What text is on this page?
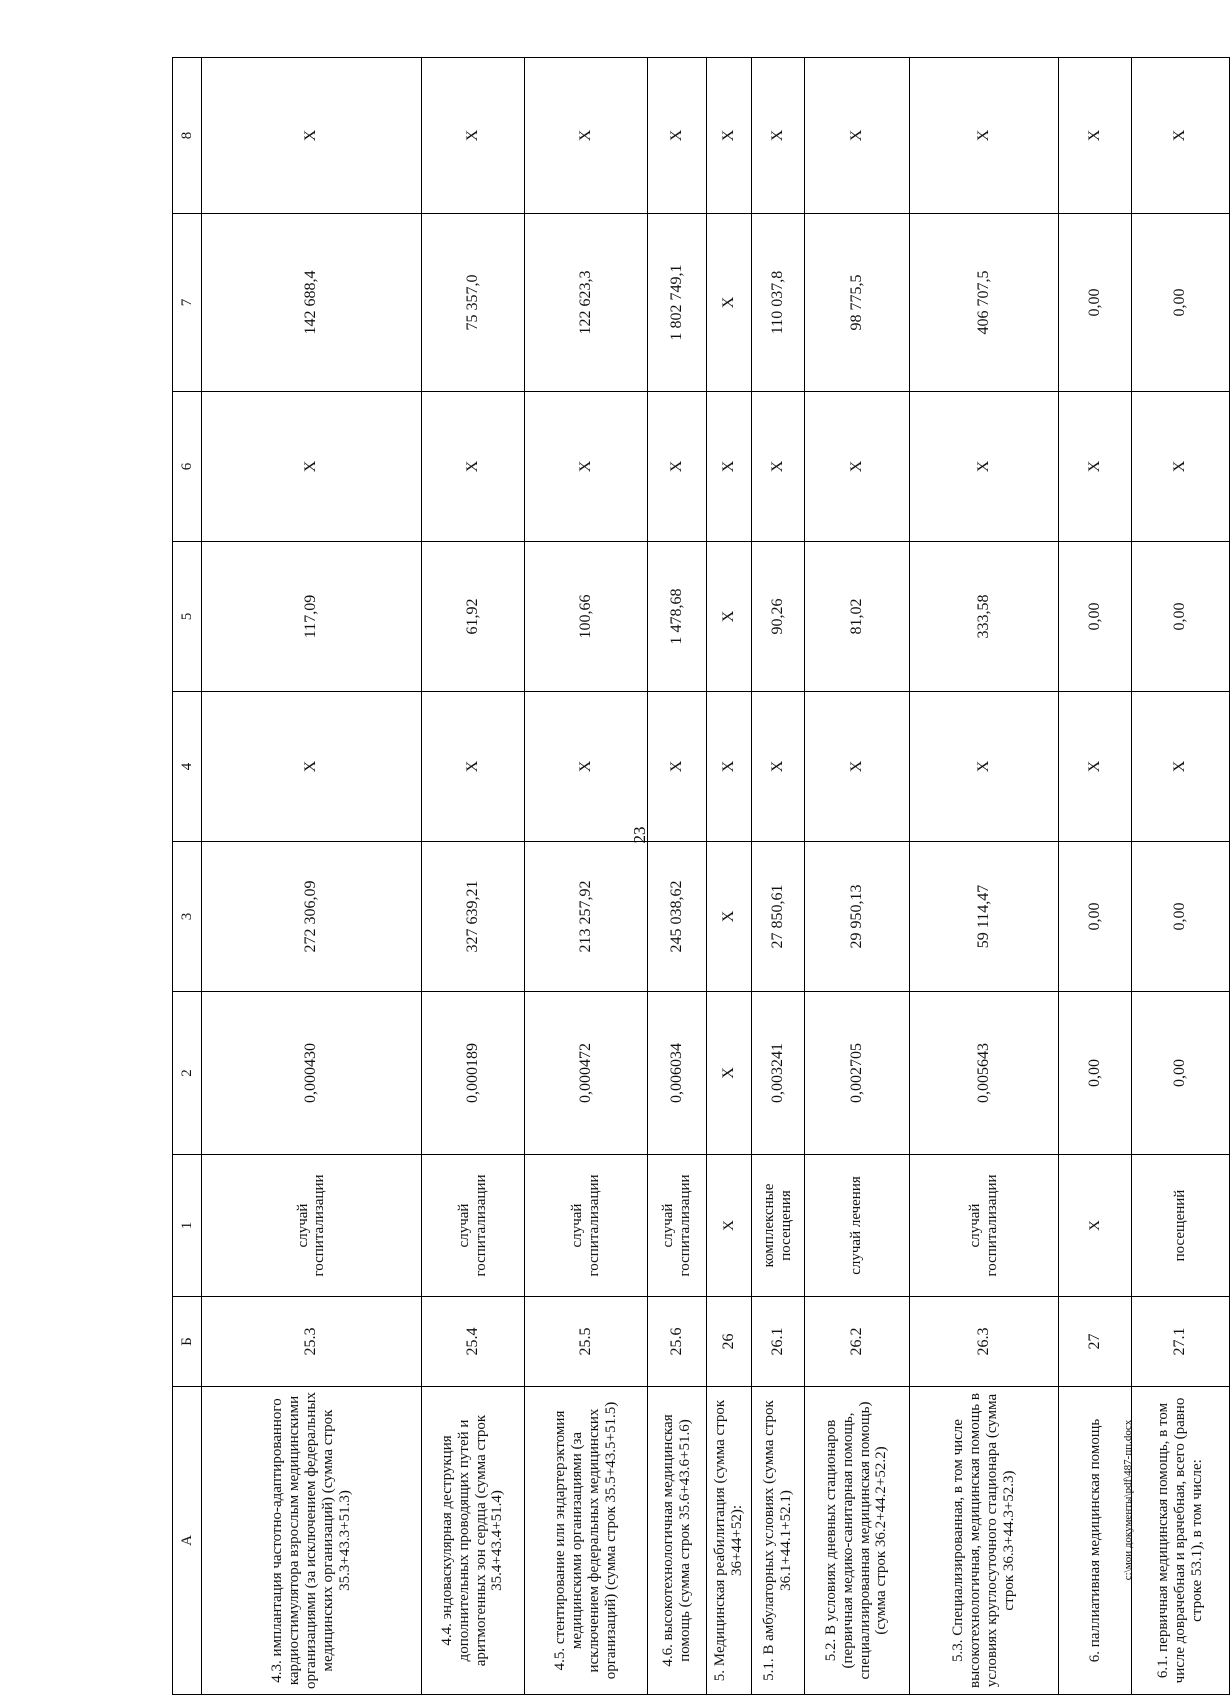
23
А	Б	1	2	3	4	5	6	7	8
4.3. имплантация частотно-адаптированного кардиостимулятора взрослым медицинскими организациями (за исключением федеральных медицинских организаций) (сумма строк 35.3+43.3+51.3)	25.3	случай госпитализации	0,000430	272 306,09	X	117,09	X	142 688,4	X
4.4. эндоваскулярная деструкция дополнительных проводящих путей и аритмогенных зон сердца (сумма строк 35.4+43.4+51.4)	25.4	случай госпитализации	0,000189	327 639,21	X	61,92	X	75 357,0	X
4.5. стентирование или эндартерэктомия медицинскими организациями (за исключением федеральных медицинских организаций) (сумма строк 35.5+43.5+51.5)	25.5	случай госпитализации	0,000472	213 257,92	X	100,66	X	122 623,3	X
4.6. высокотехнологичная медицинская помощь (сумма строк 35.6+43.6+51.6)	25.6	случай госпитализации	0,006034	245 038,62	X	1 478,68	X	1 802 749,1	X
5. Медицинская реабилитация (сумма строк 36+44+52):	26	X	X	X	X	X	X	X	X
5.1. В амбулаторных условиях (сумма строк 36.1+44.1+52.1)	26.1	комплексные посещения	0,003241	27 850,61	X	90,26	X	110 037,8	X
5.2. В условиях дневных стационаров (первичная медико-санитарная помощь, специализированная медицинская помощь) (сумма строк 36.2+44.2+52.2)	26.2	случай лечения	0,002705	29 950,13	X	81,02	X	98 775,5	X
5.3. Специализированная, в том числе высокотехнологичная, медицинская помощь в условиях круглосуточного стационара (сумма строк 36.3+44.3+52.3)	26.3	случай госпитализации	0,005643	59 114,47	X	333,58	X	406 707,5	X
6. паллиативная медицинская помощь	27	X	0,00	0,00	X	0,00	X	0,00	X
6.1. первичная медицинская помощь, в том числе доврачебная и врачебная, всего (равно строке 53.1), в том числе:	27.1	посещений	0,00	0,00	X	0,00	X	0,00	X
c:\мои документы\pdf\487-пп.docx
